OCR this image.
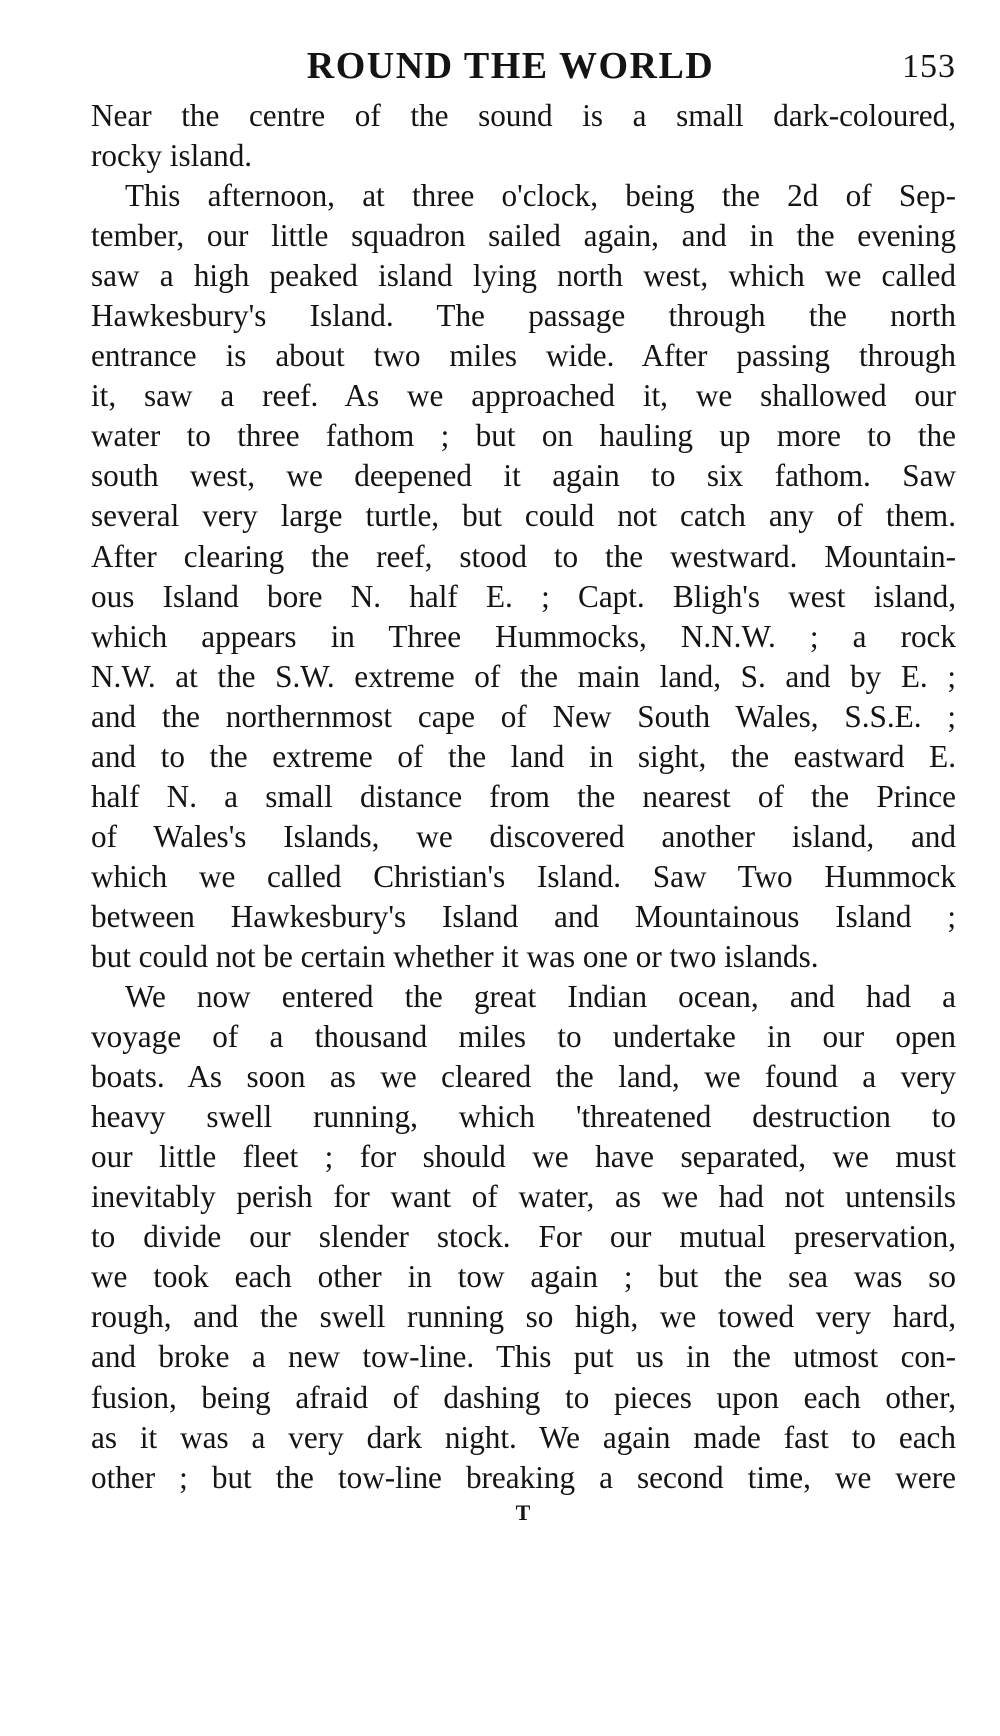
ROUND THE WORLD	153

Near the centre of the sound is a small dark-coloured,

rocky island.

This afternoon, at three o'clock, being the 2d of Sep-

tember, our little squadron sailed again, and in the evening

saw a high peaked island lying north west, which we called

Hawkesbury's Island. The passage through the north

entrance is about two miles wide. After passing through

it, saw a reef. As we approached it, we shallowed our

water to three fathom ; but on hauling up more to the

south west, we deepened it again to six fathom. Saw

several very large turtle, but could not catch any of them.

After clearing the reef, stood to the westward. Mountain-

ous Island bore N. half E. ; Capt. Bligh's west island,

which appears in Three Hummocks, N.N.W. ; a rock

N.W. at the S.W. extreme of the main land, S. and by E. ;

and the northernmost cape of New South Wales, S.S.E. ;

and to the extreme of the land in sight, the eastward E.

half N. a small distance from the nearest of the Prince

of Wales's Islands, we discovered another island, and

which we called Christian's Island. Saw Two Hummock

between Hawkesbury's Island and Mountainous Island ;

but could not be certain whether it was one or two islands.

We now entered the great Indian ocean, and had a

voyage of a thousand miles to undertake in our open

boats. As soon as we cleared the land, we found a very

heavy swell running, which 'threatened destruction to

our little fleet ; for should we have separated, we must

inevitably perish for want of water, as we had not untensils

to divide our slender stock. For our mutual preservation,

we took each other in tow again ; but the sea was so

rough, and the swell running so high, we towed very hard,

and broke a new tow-line. This put us in the utmost con-

fusion, being afraid of dashing to pieces upon each other,

as it was a very dark night. We again made fast to each

other ; but the tow-line breaking a second time, we were

T
